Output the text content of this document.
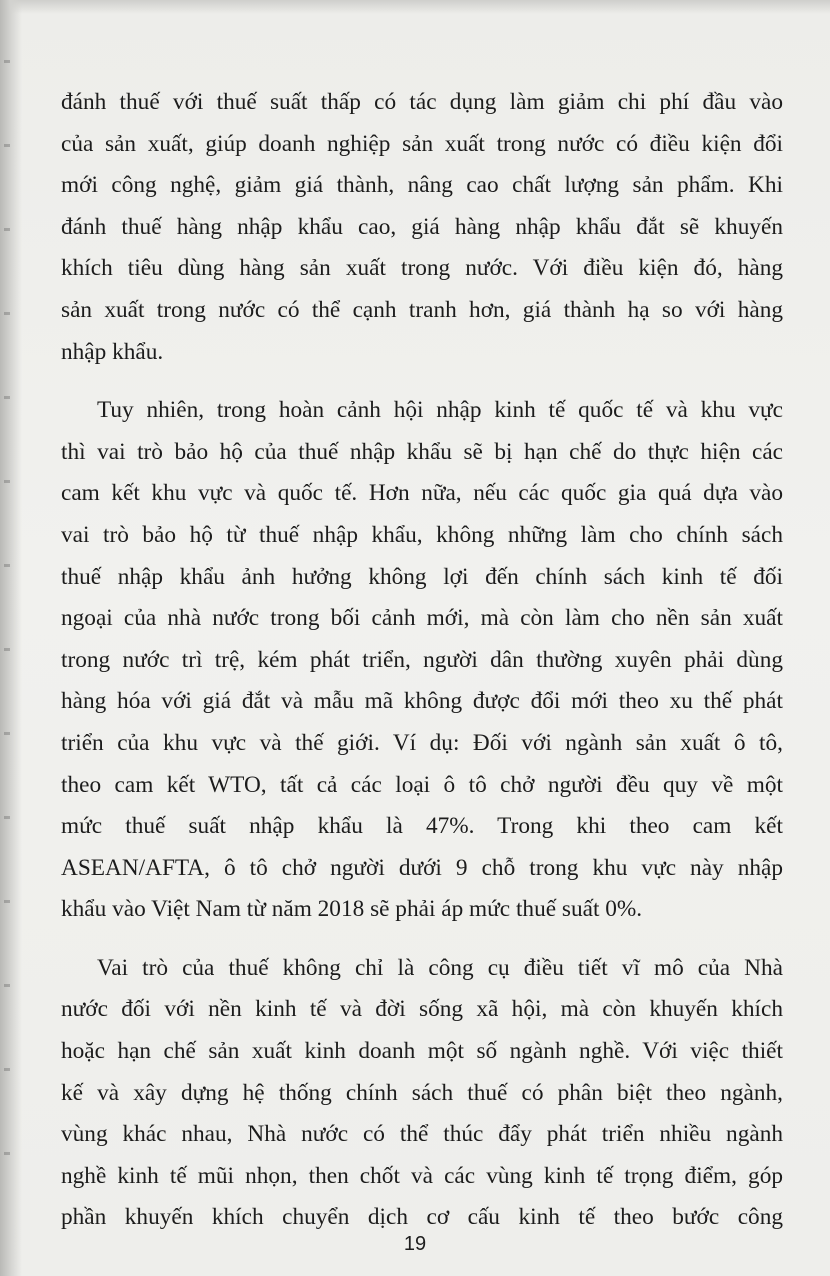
đánh thuế với thuế suất thấp có tác dụng làm giảm chi phí đầu vào
của sản xuất, giúp doanh nghiệp sản xuất trong nước có điều kiện đổi
mới công nghệ, giảm giá thành, nâng cao chất lượng sản phẩm. Khi
đánh thuế hàng nhập khẩu cao, giá hàng nhập khẩu đắt sẽ khuyến
khích tiêu dùng hàng sản xuất trong nước. Với điều kiện đó, hàng
sản xuất trong nước có thể cạnh tranh hơn, giá thành hạ so với hàng
nhập khẩu.

Tuy nhiên, trong hoàn cảnh hội nhập kinh tế quốc tế và khu vực
thì vai trò bảo hộ của thuế nhập khẩu sẽ bị hạn chế do thực hiện các
cam kết khu vực và quốc tế. Hơn nữa, nếu các quốc gia quá dựa vào
vai trò bảo hộ từ thuế nhập khẩu, không những làm cho chính sách
thuế nhập khẩu ảnh hưởng không lợi đến chính sách kinh tế đối
ngoại của nhà nước trong bối cảnh mới, mà còn làm cho nền sản xuất
trong nước trì trệ, kém phát triển, người dân thường xuyên phải dùng
hàng hóa với giá đắt và mẫu mã không được đổi mới theo xu thế phát
triển của khu vực và thế giới. Ví dụ: Đối với ngành sản xuất ô tô,
theo cam kết WTO, tất cả các loại ô tô chở người đều quy về một
mức thuế suất nhập khẩu là 47%. Trong khi theo cam kết
ASEAN/AFTA, ô tô chở người dưới 9 chỗ trong khu vực này nhập
khẩu vào Việt Nam từ năm 2018 sẽ phải áp mức thuế suất 0%.

Vai trò của thuế không chỉ là công cụ điều tiết vĩ mô của Nhà
nước đối với nền kinh tế và đời sống xã hội, mà còn khuyến khích
hoặc hạn chế sản xuất kinh doanh một số ngành nghề. Với việc thiết
kế và xây dựng hệ thống chính sách thuế có phân biệt theo ngành,
vùng khác nhau, Nhà nước có thể thúc đẩy phát triển nhiều ngành
nghề kinh tế mũi nhọn, then chốt và các vùng kinh tế trọng điểm, góp
phần khuyến khích chuyển dịch cơ cấu kinh tế theo bước công

19
